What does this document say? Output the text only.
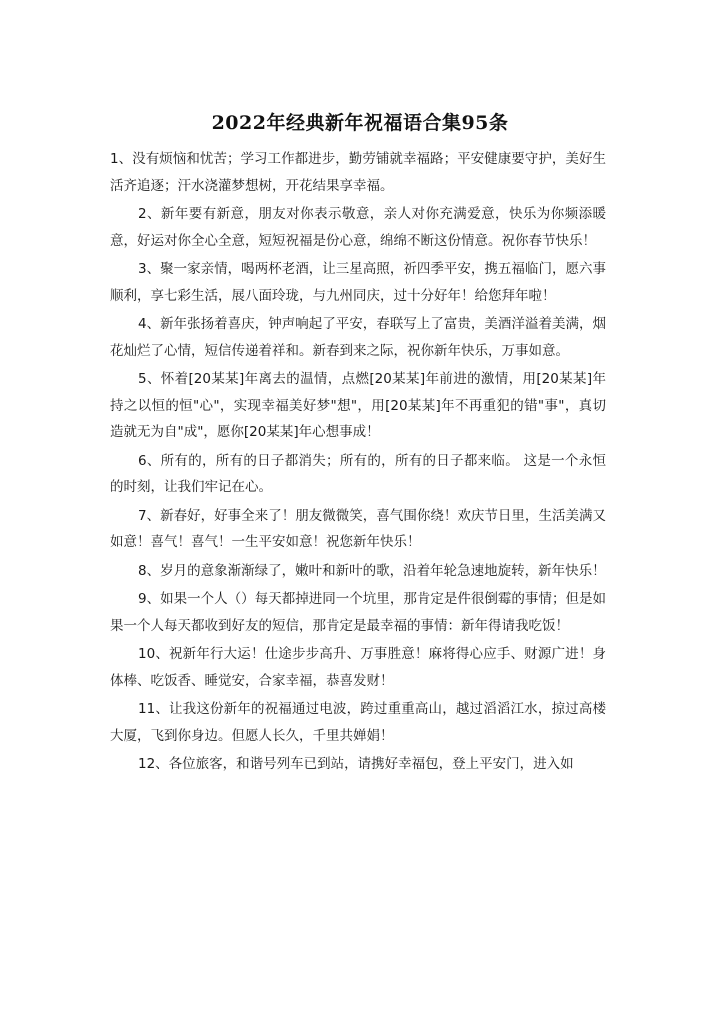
2022年经典新年祝福语合集95条

1、没有烦恼和忧苦；学习工作都进步，勤劳铺就幸福路；平安健康要守护，美好生活齐追逐；汗水浇灌梦想树，开花结果享幸福。

2、新年要有新意，朋友对你表示敬意，亲人对你充满爱意，快乐为你频添暖意，好运对你全心全意，短短祝福是份心意，绵绵不断这份情意。祝你春节快乐！

3、聚一家亲情，喝两杯老酒，让三星高照，祈四季平安，携五福临门，愿六事顺利，享七彩生活，展八面玲珑，与九州同庆，过十分好年！给您拜年啦！

4、新年张扬着喜庆，钟声响起了平安，春联写上了富贵，美酒洋溢着美满，烟花灿烂了心情，短信传递着祥和。新春到来之际，祝你新年快乐，万事如意。

5、怀着[20某某]年离去的温情，点燃[20某某]年前进的激情，用[20某某]年持之以恒的恒"心"，实现幸福美好梦"想"，用[20某某]年不再重犯的错"事"，真切造就无为自"成"，愿你[20某某]年心想事成！

6、所有的，所有的日子都消失；所有的，所有的日子都来临。 这是一个永恒的时刻，让我们牢记在心。

7、新春好，好事全来了！朋友微微笑，喜气围你绕！欢庆节日里，生活美满又如意！喜气！喜气！一生平安如意！祝您新年快乐！

8、岁月的意象渐渐绿了，嫩叶和新叶的歌，沿着年轮急速地旋转，新年快乐！

9、如果一个人（）每天都掉进同一个坑里，那肯定是件很倒霉的事情；但是如果一个人每天都收到好友的短信，那肯定是最幸福的事情：新年得请我吃饭！

10、祝新年行大运！仕途步步高升、万事胜意！麻将得心应手、财源广进！身体棒、吃饭香、睡觉安，合家幸福，恭喜发财！

11、让我这份新年的祝福通过电波，跨过重重高山，越过滔滔江水，掠过高楼大厦，飞到你身边。但愿人长久，千里共婵娟！

12、各位旅客，和谐号列车已到站，请携好幸福包，登上平安门，进入如
